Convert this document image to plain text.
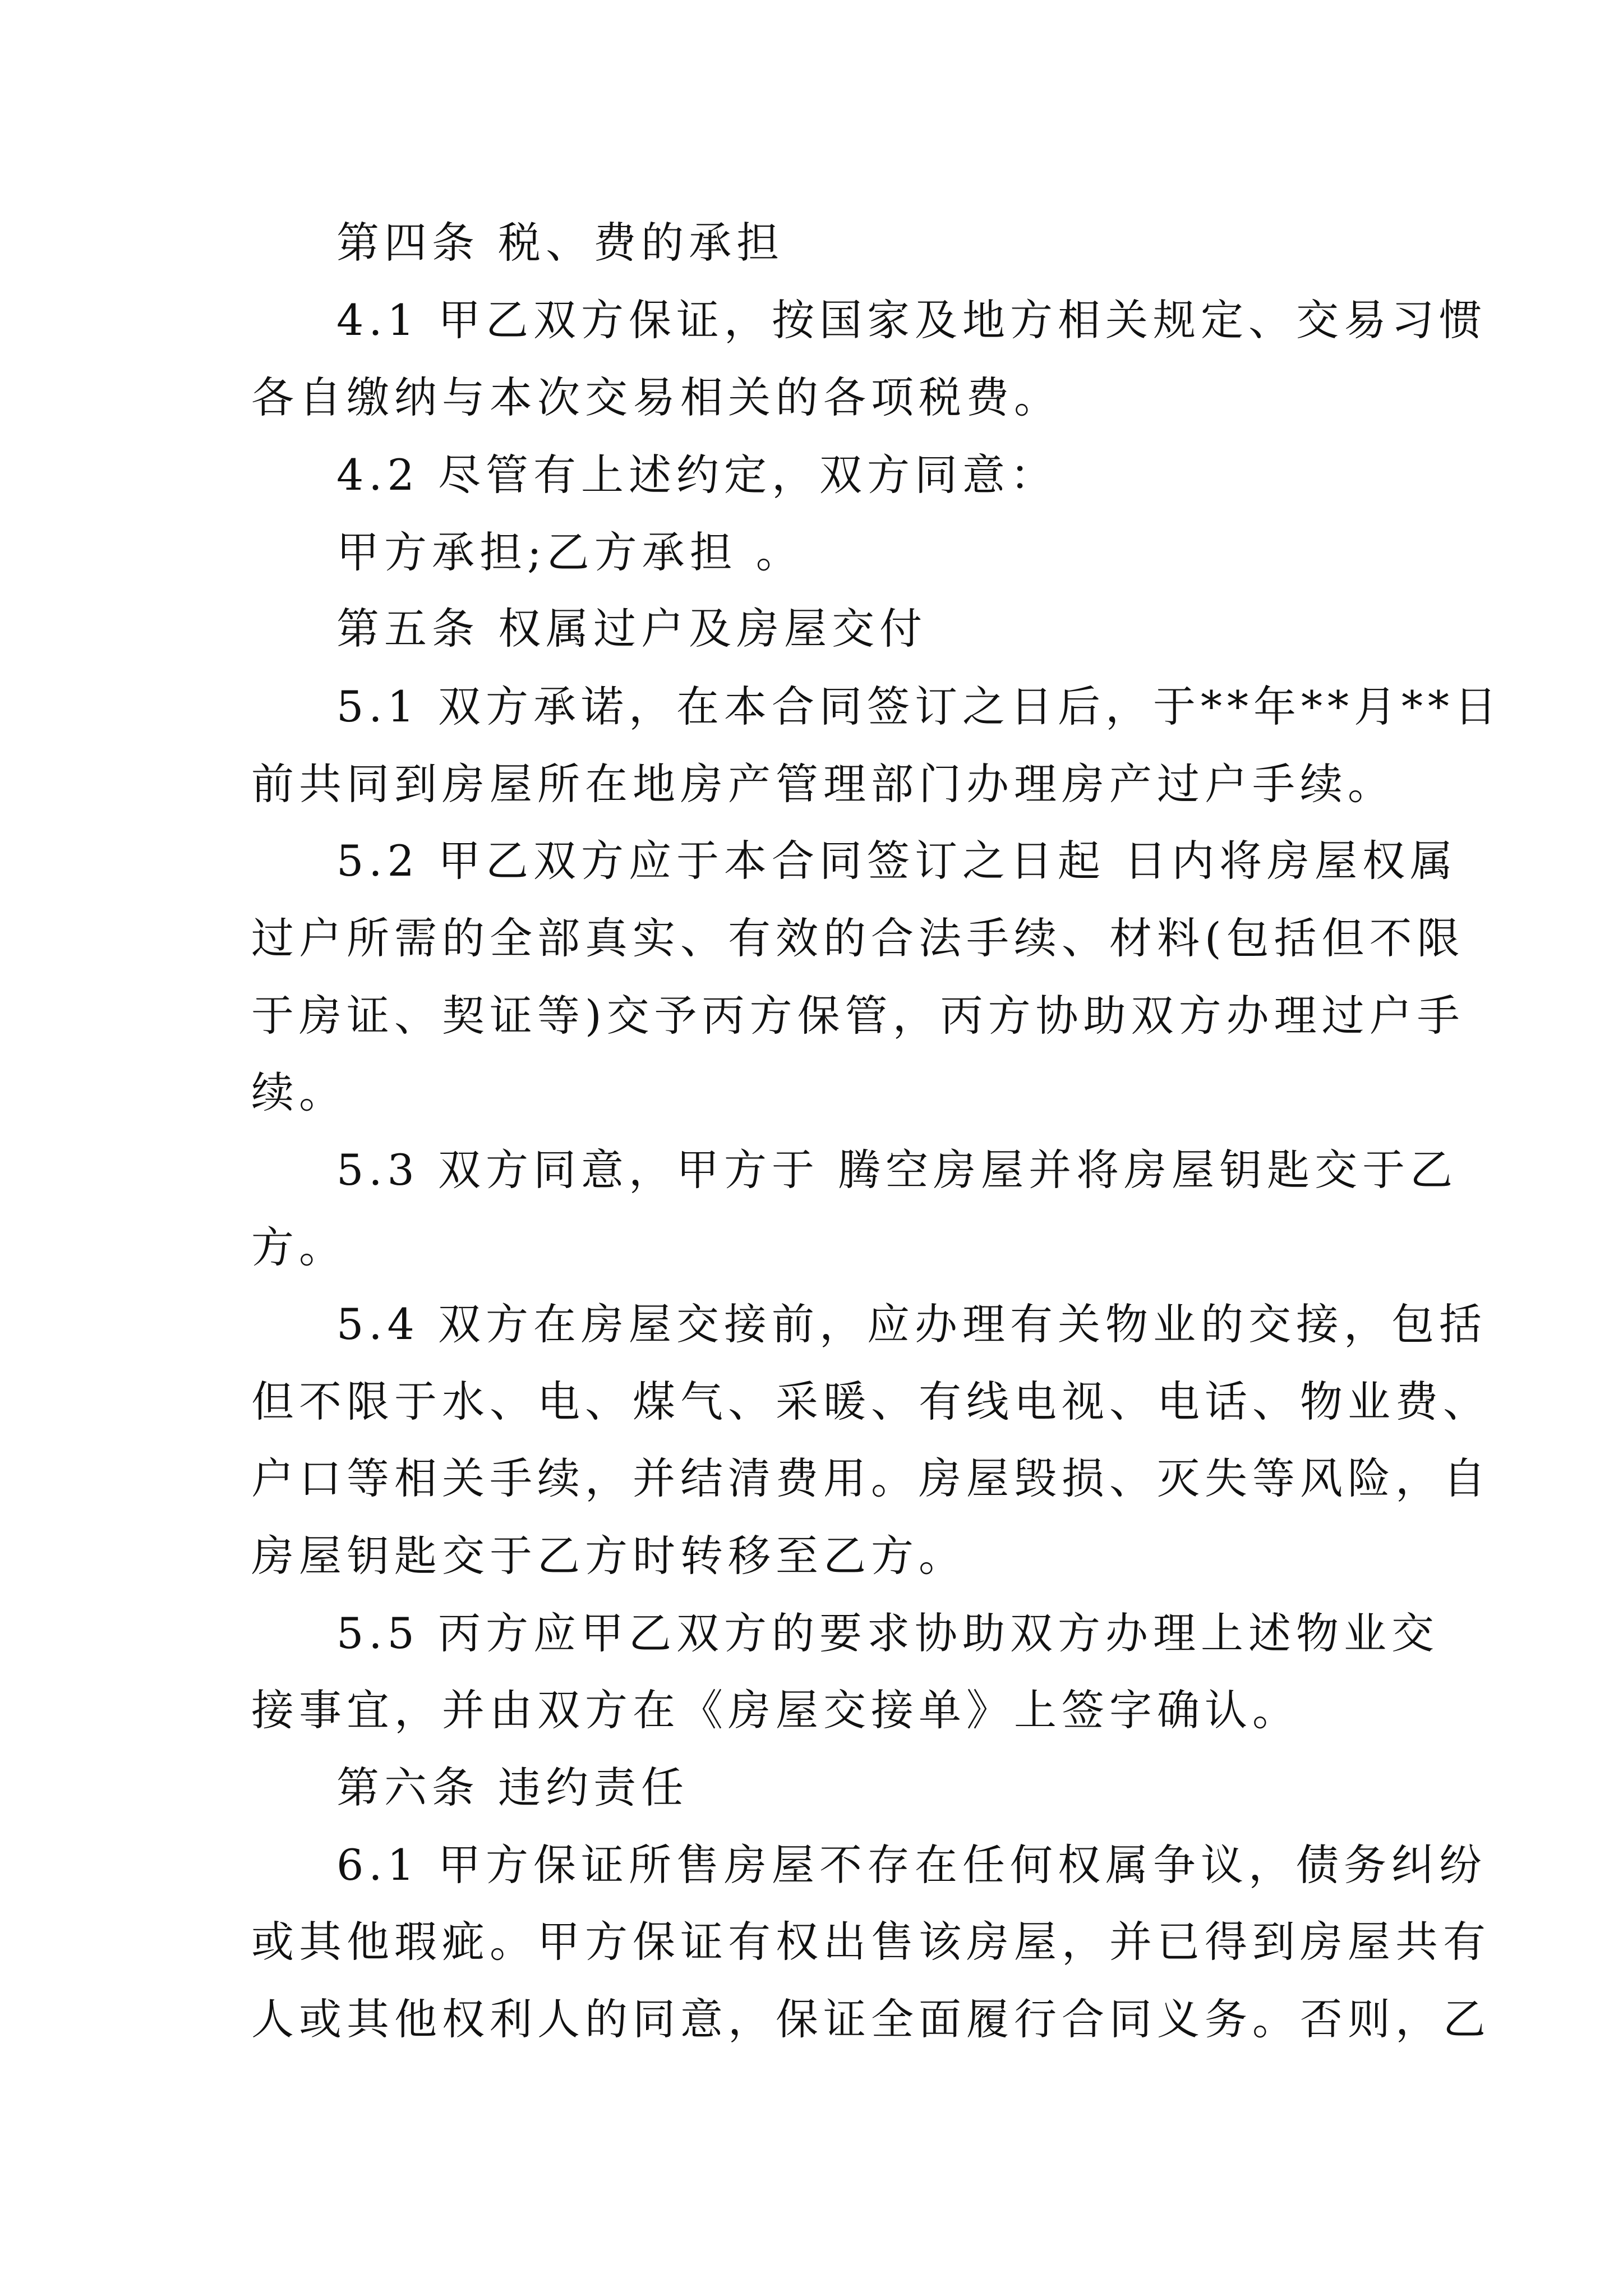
第四条 税、费的承担
4.1 甲乙双方保证，按国家及地方相关规定、交易习惯
各自缴纳与本次交易相关的各项税费。
4.2 尽管有上述约定，双方同意：
甲方承担;乙方承担 。
第五条 权属过户及房屋交付
5.1 双方承诺，在本合同签订之日后，于**年**月**日
前共同到房屋所在地房产管理部门办理房产过户手续。
5.2 甲乙双方应于本合同签订之日起 日内将房屋权属
过户所需的全部真实、有效的合法手续、材料(包括但不限
于房证、契证等)交予丙方保管，丙方协助双方办理过户手
续。
5.3 双方同意，甲方于 腾空房屋并将房屋钥匙交于乙
方。
5.4 双方在房屋交接前，应办理有关物业的交接，包括
但不限于水、电、煤气、采暖、有线电视、电话、物业费、
户口等相关手续，并结清费用。房屋毁损、灭失等风险，自
房屋钥匙交于乙方时转移至乙方。
5.5 丙方应甲乙双方的要求协助双方办理上述物业交
接事宜，并由双方在《房屋交接单》上签字确认。
第六条 违约责任
6.1 甲方保证所售房屋不存在任何权属争议，债务纠纷
或其他瑕疵。甲方保证有权出售该房屋，并已得到房屋共有
人或其他权利人的同意，保证全面履行合同义务。否则，乙
